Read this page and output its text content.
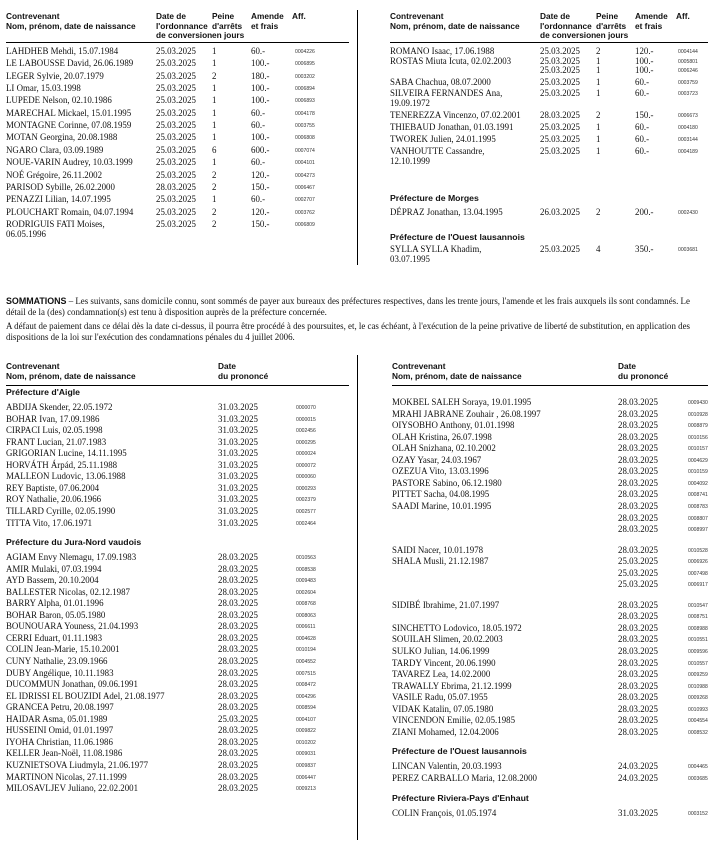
Contrevenant
Nom, prénom, date de naissance
Date de
l'ordonnance
de conversion
Peine
d'arrêts
en jours
Amende
et frais
Aff.
LAHDHEB Mehdi, 15.07.1984	25.03.2025 1	60.-	0004226
LE LABOUSSE David, 26.06.1989	25.03.2025 1	100.-	0006895
LEGER Sylvie, 20.07.1979	25.03.2025 2	180.-	0003202
LI Omar, 15.03.1998	25.03.2025 1	100.-	0006894
LUPEDE Nelson, 02.10.1986	25.03.2025 1	100.-	0006893
MARECHAL Mickael, 15.01.1995	25.03.2025 1	60.-	0004178
MONTAGNE Corinne, 07.08.1959	25.03.2025 1	60.-	0003755
MOTAN Georgina, 20.08.1988	25.03.2025 1	100.-	0006808
NGARO Clara, 03.09.1989	25.03.2025 6	600.-	0007074
NOUE-VARIN Audrey, 10.03.1999	25.03.2025 1	60.-	0004101
NOÉ Grégoire, 26.11.2002	25.03.2025 2	120.-	0004273
PARISOD Sybille, 26.02.2000	28.03.2025 2	150.-	0006467
PENAZZI Lilian, 14.07.1995	25.03.2025 1	60.-	0002707
PLOUCHART Romain, 04.07.1994	25.03.2025 2	120.-	0003762
RODRIGUIS FATI Moises,
06.05.1996
25.03.2025 2	150.-	0006809
Contrevenant
Nom, prénom, date de naissance
Date de
l'ordonnance
de conversion
Peine
d'arrêts
en jours
Amende
et frais
Aff.
ROMANO Isaac, 17.06.1988	25.03.2025 2	120.-	0004144
ROSTAS Miuta Icuta, 02.02.2003	25.03.2025 1	100.-	0005801
25.03.2025 1	100.-	0006246
SABA Chachua, 08.07.2000	25.03.2025 1	60.-	0003759
SILVEIRA FERNANDES Ana,
19.09.1972
25.03.2025 1	60.-	0003723
TENEREZZA Vincenzo, 07.02.2001 28.03.2025 2	150.-	0006673
THIEBAUD Jonathan, 01.03.1991	25.03.2025 1	60.-	0004180
TWOREK Julien, 24.01.1995	25.03.2025 1	60.-	0003144
VANHOUTTE Cassandre,
12.10.1999
25.03.2025 1	60.-	0004189
Préfecture de Morges
DÉPRAZ Jonathan, 13.04.1995	26.03.2025 2	200.-	0002430
Préfecture de l'Ouest lausannois
SYLLA SYLLA Khadim,
03.07.1995
25.03.2025 4	350.-	0003681

SOMMATIONS – Les suivants, sans domicile connu, sont sommés de payer aux bureaux des préfectures respectives, dans les trente jours, l'amende et les frais auxquels ils sont condamnés. Le détail de la (des) condamnation(s) est tenu à disposition auprès de la préfecture concernée.

A défaut de paiement dans ce délai dès la date ci-dessus, il pourra être procédé à des poursuites, et, le cas échéant, à l'exécution de la peine privative de liberté de substitution, en application des dispositions de la loi sur l'exécution des condamnations pénales du 4 juillet 2006.

Contrevenant
Nom, prénom, date de naissance
Date
du prononcé
Préfecture d'Aigle
ABDIJA Skender, 22.05.1972	31.03.2025	0000070
BOHAR Ivan, 17.09.1986	31.03.2025	0000015
CIRPACI Luis, 02.05.1998	31.03.2025	0002456
FRANT Lucian, 21.07.1983	31.03.2025	0000295
GRIGORIAN Lucine, 14.11.1995	31.03.2025	0000024
HORVÁTH Árpád, 25.11.1988	31.03.2025	0000072
MALLEON Ludovic, 13.06.1988	31.03.2025	0000060
REY Baptiste, 07.06.2004	31.03.2025	0000293
ROY Nathalie, 20.06.1966	31.03.2025	0002379
TILLARD Cyrille, 02.05.1990	31.03.2025	0002577
TITTA Vito, 17.06.1971	31.03.2025	0002464
Préfecture du Jura-Nord vaudois
AGIAM Envy Nlemagu, 17.09.1983	28.03.2025	0010563
AMIR Mulaki, 07.03.1994	28.03.2025	0008538
AYD Bassem, 20.10.2004	28.03.2025	0009483
BALLESTER Nicolas, 02.12.1987	28.03.2025	0002604
BARRY Alpha, 01.01.1996	28.03.2025	0008768
BOHAR Baron, 05.05.1980	28.03.2025	0008063
BOUNOUARA Youness, 21.04.1993	28.03.2025	0006611
CERRI Eduart, 01.11.1983	28.03.2025	0004628
COLIN Jean-Marie, 15.10.2001	28.03.2025	0010194
CUNY Nathalie, 23.09.1966	28.03.2025	0004552
DUBY Angélique, 10.11.1983	28.03.2025	0007515
DUCOMMUN Jonathan, 09.06.1991	28.03.2025	0008472
EL IDRISSI EL BOUZIDI Adel, 21.08.1977	28.03.2025	0004296
GRANCEA Petru, 20.08.1997	28.03.2025	0008594
HAIDAR Asma, 05.01.1989	25.03.2025	0004107
HUSSEINI Omid, 01.01.1997	28.03.2025	0009822
IYOHA Christian, 11.06.1986	28.03.2025	0010202
KELLER Jean-Noël, 11.08.1986	28.03.2025	0009031
KUZNIETSOVA Liudmyla, 21.06.1977	28.03.2025	0009837
MARTINON Nicolas, 27.11.1999	28.03.2025	0006447
MILOSAVLJEV Juliano, 22.02.2001	28.03.2025	0009213
Contrevenant
Nom, prénom, date de naissance
Date
du prononcé
MOKBEL SALEH Soraya, 19.01.1995	28.03.2025	0009430
MRAHI JABRANE Zouhair , 26.08.1997	28.03.2025	0010928
OIYSOBHO Anthony, 01.01.1998	28.03.2025	0008879
OLAH Kristina, 26.07.1998	28.03.2025	0010156
OLAH Snizhana, 02.10.2002	28.03.2025	0010157
OZAY Yasar, 24.03.1967	28.03.2025	0004629
OZEZUA Vito, 13.03.1996	28.03.2025	0010159
PASTORE Sabino, 06.12.1980	28.03.2025	0004092
PITTET Sacha, 04.08.1995	28.03.2025	0008741
SAADI Marine, 10.01.1995	28.03.2025	0008783
28.03.2025	0008807
28.03.2025	0008997
SAIDI Nacer, 10.01.1978	28.03.2025	0010528
SHALA Musli, 21.12.1987	25.03.2025	0006926
25.03.2025	0007498
25.03.2025	0006917
SIDIBÉ Ibrahime, 21.07.1997	28.03.2025	0010547
28.03.2025	0008751
SINCHETTO Lodovico, 18.05.1972	28.03.2025	0008988
SOUILAH Slimen, 20.02.2003	28.03.2025	0010551
SULKO Julian, 14.06.1999	28.03.2025	0009596
TARDY Vincent, 20.06.1990	28.03.2025	0010557
TAVAREZ Lea, 14.02.2000	28.03.2025	0009259
TRAWALLY Ebrima, 21.12.1999	28.03.2025	0010988
VASILE Radu, 05.07.1955	28.03.2025	0009268
VIDAK Katalin, 07.05.1980	28.03.2025	0010993
VINCENDON Emilie, 02.05.1985	28.03.2025	0004554
ZIANI Mohamed, 12.04.2006	28.03.2025	0008532
Préfecture de l'Ouest lausannois
LINCAN Valentin, 20.03.1993	24.03.2025	0004465
PEREZ CARBALLO Maria, 12.08.2000	24.03.2025	0003685
Préfecture Riviera-Pays d'Enhaut
COLIN François, 01.05.1974	31.03.2025	0003152
